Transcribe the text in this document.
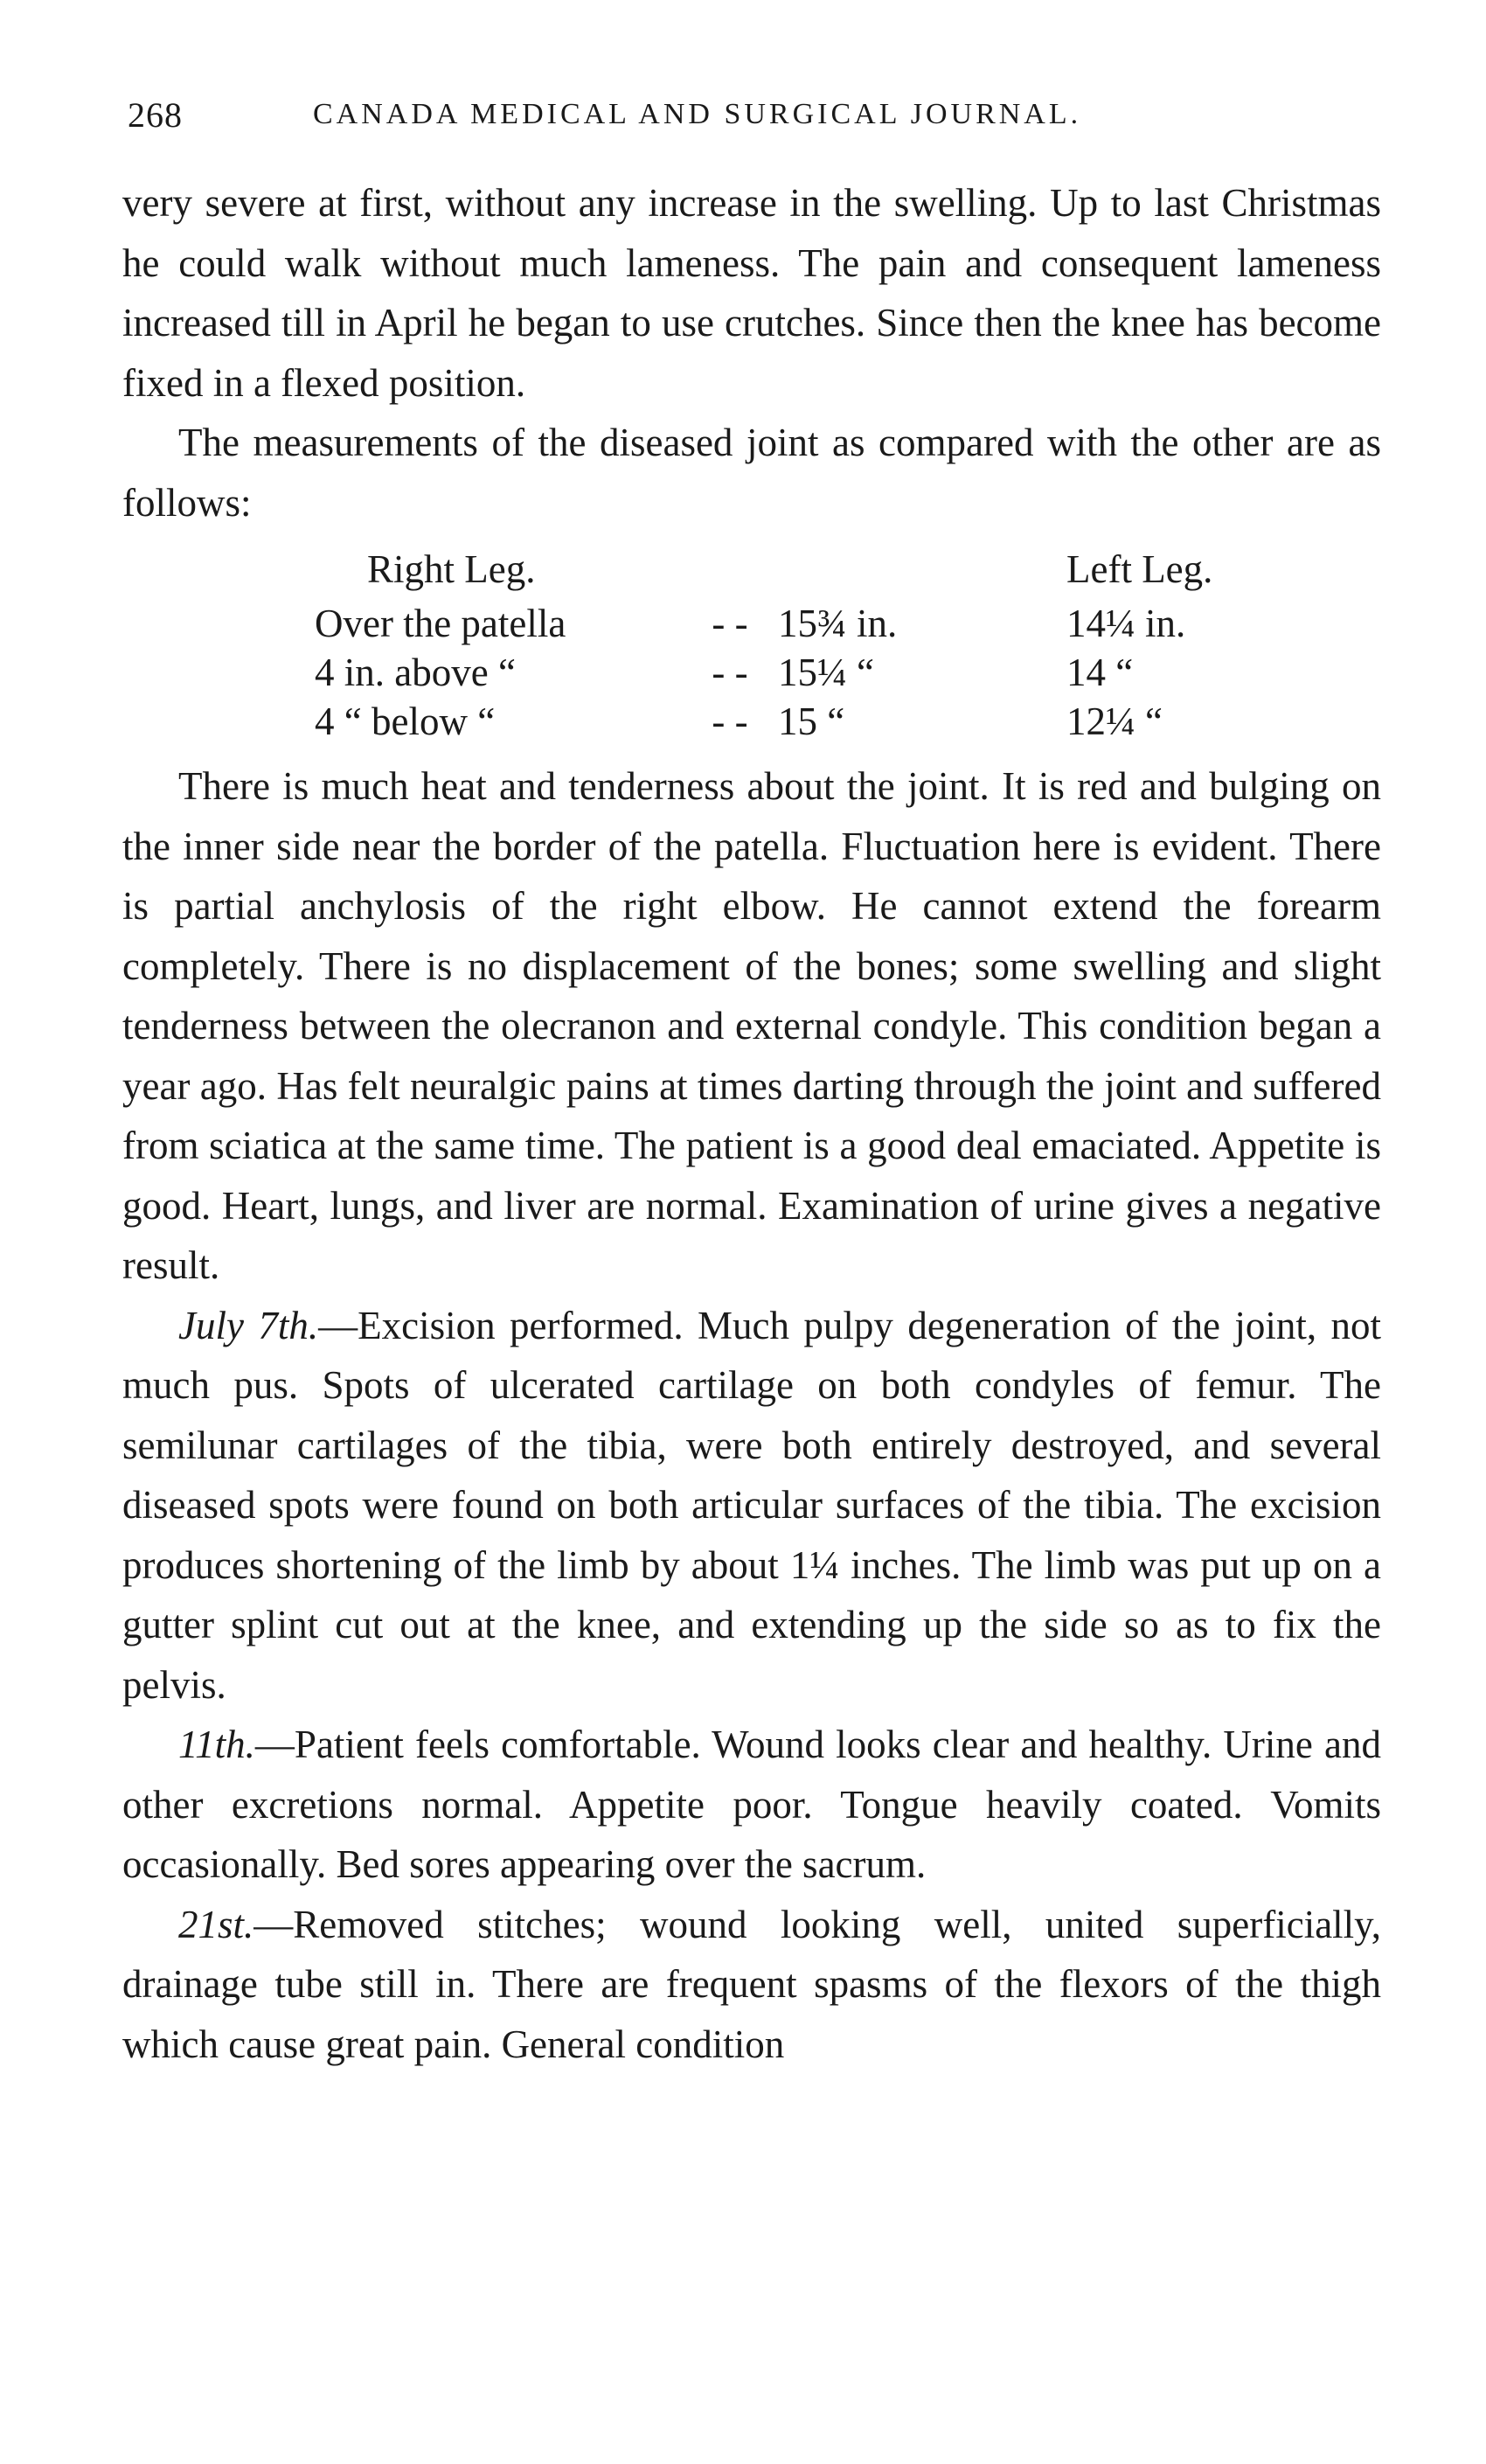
268	CANADA MEDICAL AND SURGICAL JOURNAL.

very severe at first, without any increase in the swelling. Up to last Christmas he could walk without much lameness. The pain and consequent lameness increased till in April he began to use crutches. Since then the knee has become fixed in a flexed position.

The measurements of the diseased joint as compared with the other are as follows:

		Right Leg.	Left Leg.
Over the patella	- -	15¾ in.	14¼ in.
4 in. above “	- -	15¼ “	14 “
4 “ below “	- -	15 “	12¼ “

There is much heat and tenderness about the joint. It is red and bulging on the inner side near the border of the patella. Fluctuation here is evident. There is partial anchylosis of the right elbow. He cannot extend the forearm completely. There is no displacement of the bones; some swelling and slight tenderness between the olecranon and external condyle. This condition began a year ago. Has felt neuralgic pains at times darting through the joint and suffered from sciatica at the same time. The patient is a good deal emaciated. Appetite is good. Heart, lungs, and liver are normal. Examination of urine gives a negative result.

July 7th.—Excision performed. Much pulpy degeneration of the joint, not much pus. Spots of ulcerated cartilage on both condyles of femur. The semilunar cartilages of the tibia, were both entirely destroyed, and several diseased spots were found on both articular surfaces of the tibia. The excision produces shortening of the limb by about 1¼ inches. The limb was put up on a gutter splint cut out at the knee, and extending up the side so as to fix the pelvis.

11th.—Patient feels comfortable. Wound looks clear and healthy. Urine and other excretions normal. Appetite poor. Tongue heavily coated. Vomits occasionally. Bed sores appearing over the sacrum.

21st.—Removed stitches; wound looking well, united superficially, drainage tube still in. There are frequent spasms of the flexors of the thigh which cause great pain. General condition
